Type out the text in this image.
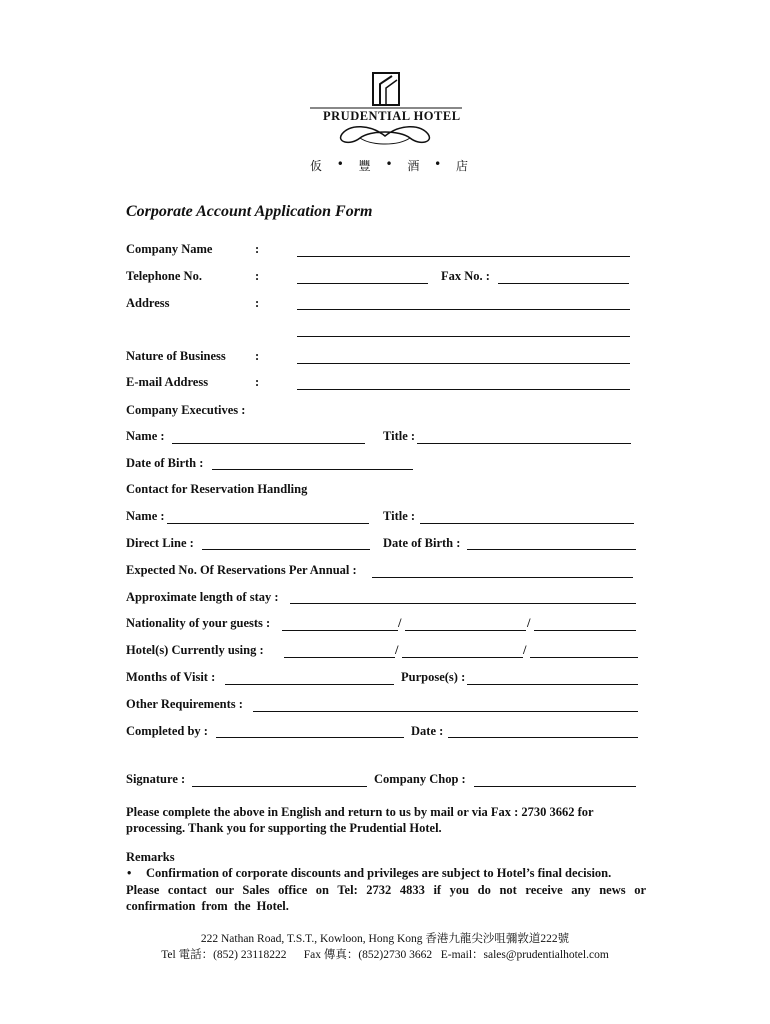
PRUDENTIAL HOTEL
仮 • 豐 • 酒 • 店
Corporate Account Application Form
Company Name	:
Telephone No.	:	Fax No. :
Address	:
Nature of Business :
E-mail Address	:
Company Executives :
Name :	Title :
Date of Birth :
Contact for Reservation Handling
Name :	Title :
Direct Line :	Date of Birth :
Expected No. Of Reservations Per Annual :
Approximate length of stay :
Nationality of your guests :	/	/
Hotel(s) Currently using :	/	/
Months of Visit :	Purpose(s) :
Other Requirements :
Completed by :	Date :
Signature :	Company Chop :
Please complete the above in English and return to us by mail or via Fax : 2730 3662 for processing. Thank you for supporting the Prudential Hotel.
Remarks
• Confirmation of corporate discounts and privileges are subject to Hotel’s final decision.
Please contact our Sales office on Tel: 2732 4833 if you do not receive any news or confirmation from the Hotel.
222 Nathan Road, T.S.T., Kowloon, Hong Kong 香港九龍尖沙咀彌敦道222號
Tel 電話：(852) 23118222      Fax 傳真：(852)2730 3662   E-mail：sales@prudentialhotel.com
